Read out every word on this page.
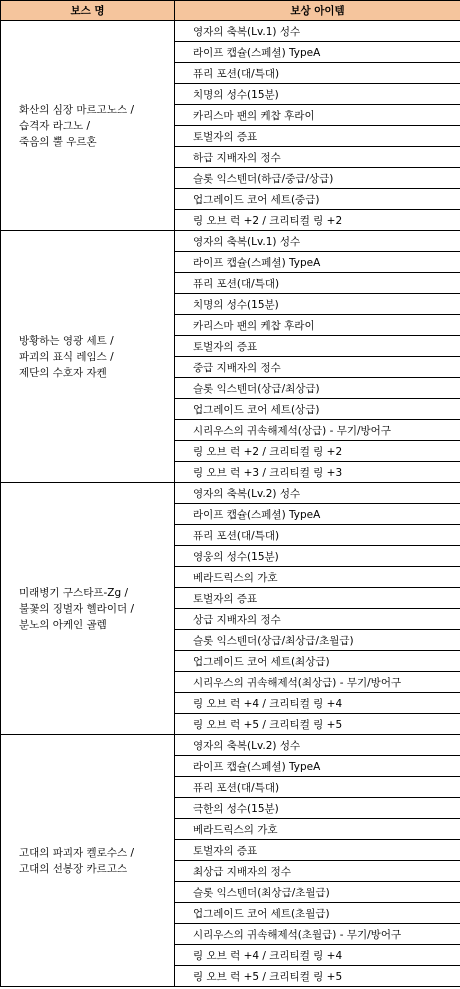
보스 명	보상 아이템

화산의 심장 마르고노스 /
습격자 라그노 /
죽음의 뿔 우르혼	영자의 축복(Lv.1) 성수
	라이프 캡슐(스페셜) TypeA
	퓨리 포션(대/특대)
	치명의 성수(15분)
	카리스마 팬의 케찹 후라이
	토벌자의 증표
	하급 지배자의 정수
	슬롯 익스텐더(하급/중급/상급)
	업그레이드 코어 세트(중급)
	링 오브 럭 +2 / 크리티컬 링 +2

방황하는 영광 세트 /
파괴의 표식 레임스 /
제단의 수호자 자켄	영자의 축복(Lv.1) 성수
	라이프 캡슐(스페셜) TypeA
	퓨리 포션(대/특대)
	치명의 성수(15분)
	카리스마 팬의 케찹 후라이
	토벌자의 증표
	중급 지배자의 정수
	슬롯 익스텐더(상급/최상급)
	업그레이드 코어 세트(상급)
	시리우스의 귀속해제석(상급) - 무기/방어구
	링 오브 럭 +2 / 크리티컬 링 +2
	링 오브 럭 +3 / 크리티컬 링 +3

미래병기 구스타프-Zg /
불꽃의 징벌자 헬라이더 /
분노의 아케인 골렘	영자의 축복(Lv.2) 성수
	라이프 캡슐(스페셜) TypeA
	퓨리 포션(대/특대)
	영웅의 성수(15분)
	베라드릭스의 가호
	토벌자의 증표
	상급 지배자의 정수
	슬롯 익스텐더(상급/최상급/초월급)
	업그레이드 코어 세트(최상급)
	시리우스의 귀속해제석(최상급) - 무기/방어구
	링 오브 럭 +4 / 크리티컬 링 +4
	링 오브 럭 +5 / 크리티컬 링 +5

고대의 파괴자 켈로수스 /
고대의 선봉장 카르고스	영자의 축복(Lv.2) 성수
	라이프 캡슐(스페셜) TypeA
	퓨리 포션(대/특대)
	극한의 성수(15분)
	베라드릭스의 가호
	토벌자의 증표
	최상급 지배자의 정수
	슬롯 익스텐더(최상급/초월급)
	업그레이드 코어 세트(초월급)
	시리우스의 귀속해제석(초월급) - 무기/방어구
	링 오브 럭 +4 / 크리티컬 링 +4
	링 오브 럭 +5 / 크리티컬 링 +5
